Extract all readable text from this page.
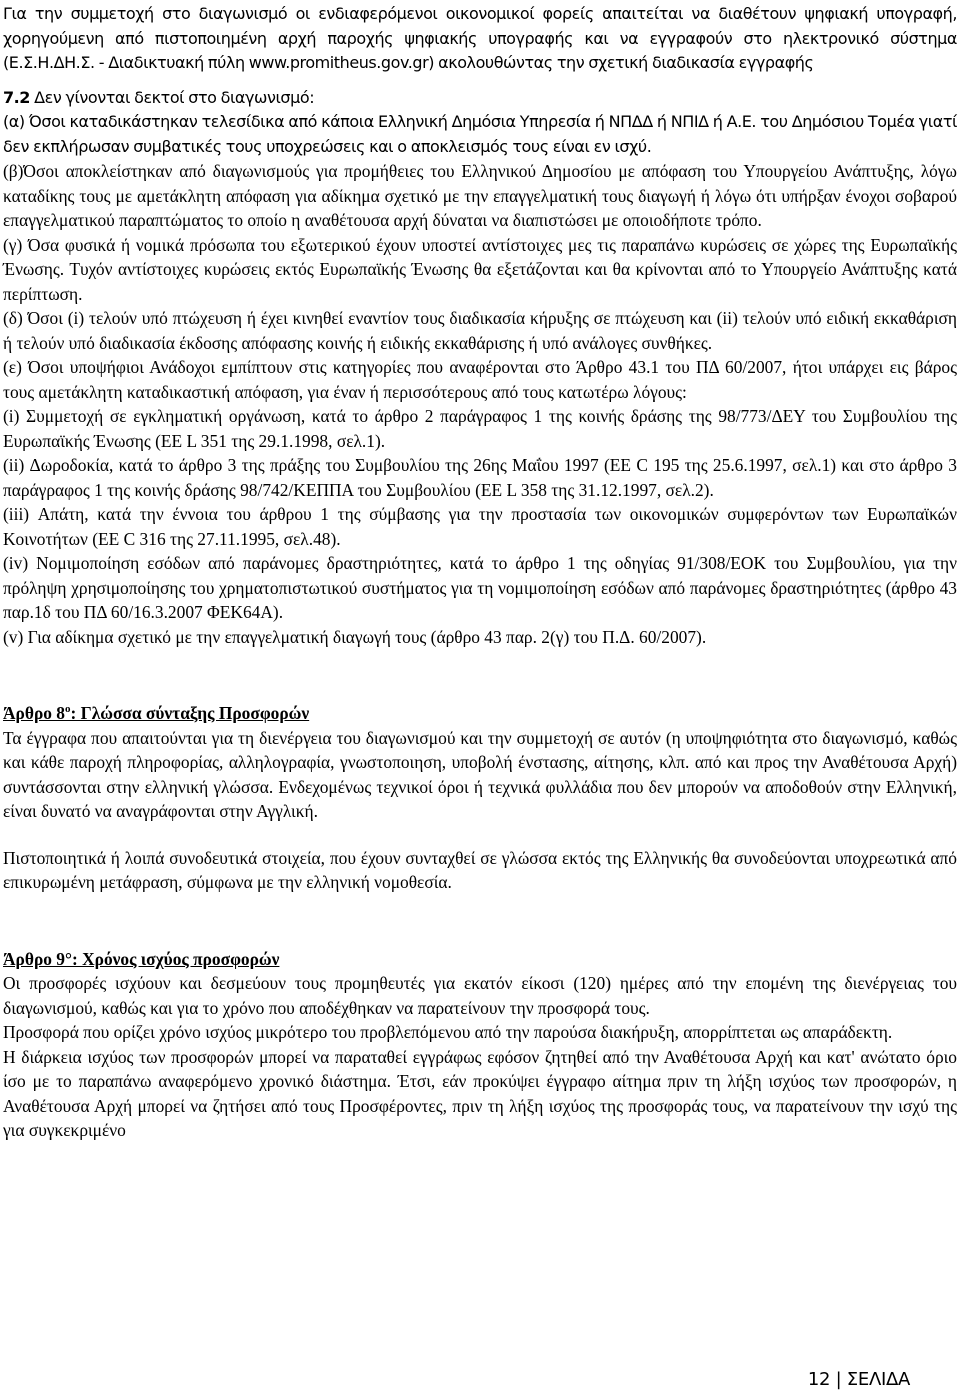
Για την συμμετοχή στο διαγωνισμό οι ενδιαφερόμενοι οικονομικοί φορείς απαιτείται να διαθέτουν ψηφιακή υπογραφή, χορηγούμενη από πιστοποιημένη αρχή παροχής ψηφιακής υπογραφής και να εγγραφούν στο ηλεκτρονικό σύστημα (Ε.Σ.Η.ΔΗ.Σ. - Διαδικτυακή πύλη www.promitheus.gov.gr) ακολουθώντας την σχετική διαδικασία εγγραφής

7.2 Δεν γίνονται δεκτοί στο διαγωνισμό:

(α) Όσοι καταδικάστηκαν τελεσίδικα από κάποια Ελληνική Δημόσια Υπηρεσία ή ΝΠΔΔ ή ΝΠΙΔ ή Α.Ε. του Δημόσιου Τομέα γιατί δεν εκπλήρωσαν συμβατικές τους υποχρεώσεις και ο αποκλεισμός τους είναι εν ισχύ.

(β)Όσοι αποκλείστηκαν από διαγωνισμούς για προμήθειες του Ελληνικού Δημοσίου με απόφαση του Υπουργείου Ανάπτυξης, λόγω καταδίκης τους με αμετάκλητη απόφαση για αδίκημα σχετικό με την επαγγελματική τους διαγωγή ή λόγω ότι υπήρξαν ένοχοι σοβαρού επαγγελματικού παραπτώματος το οποίο η αναθέτουσα αρχή δύναται να διαπιστώσει με οποιοδήποτε τρόπο.

(γ) Όσα φυσικά ή νομικά πρόσωπα του εξωτερικού έχουν υποστεί αντίστοιχες μες τις παραπάνω κυρώσεις σε χώρες της Ευρωπαϊκής Ένωσης. Τυχόν αντίστοιχες κυρώσεις εκτός Ευρωπαϊκής Ένωσης θα εξετάζονται και θα κρίνονται από το Υπουργείο Ανάπτυξης κατά περίπτωση.

(δ) Όσοι (i) τελούν υπό πτώχευση ή έχει κινηθεί εναντίον τους διαδικασία κήρυξης σε πτώχευση και (ii) τελούν υπό ειδική εκκαθάριση ή τελούν υπό διαδικασία έκδοσης απόφασης κοινής ή ειδικής εκκαθάρισης ή υπό ανάλογες συνθήκες.

(ε) Όσοι υποψήφιοι Ανάδοχοι εμπίπτουν στις κατηγορίες που αναφέρονται στο Άρθρο 43.1 του ΠΔ 60/2007, ήτοι υπάρχει εις βάρος τους αμετάκλητη καταδικαστική απόφαση, για έναν ή περισσότερους από τους κατωτέρω λόγους:

(i) Συμμετοχή σε εγκληματική οργάνωση, κατά το άρθρο 2 παράγραφος 1 της κοινής δράσης της 98/773/ΔΕΥ του Συμβουλίου της Ευρωπαϊκής Ένωσης (ΕΕ L 351 της 29.1.1998, σελ.1).

(ii) Δωροδοκία, κατά το άρθρο 3 της πράξης του Συμβουλίου της 26ης Μαΐου 1997 (ΕΕ C 195 της 25.6.1997, σελ.1) και στο άρθρο 3 παράγραφος 1 της κοινής δράσης 98/742/ΚΕΠΠΑ του Συμβουλίου (ΕΕ L 358 της 31.12.1997, σελ.2).

(iii) Απάτη, κατά την έννοια του άρθρου 1 της σύμβασης για την προστασία των οικονομικών συμφερόντων των Ευρωπαϊκών Κοινοτήτων (ΕΕ C 316 της 27.11.1995, σελ.48).

(iv) Νομιμοποίηση εσόδων από παράνομες δραστηριότητες, κατά το άρθρο 1 της οδηγίας 91/308/ΕΟΚ του Συμβουλίου, για την πρόληψη χρησιμοποίησης του χρηματοπιστωτικού συστήματος για τη νομιμοποίηση εσόδων από παράνομες δραστηριότητες (άρθρο 43 παρ.1δ του ΠΔ 60/16.3.2007 ΦΕΚ64Α).

(v) Για αδίκημα σχετικό με την επαγγελματική διαγωγή τους (άρθρο 43 παρ. 2(γ) του Π.Δ. 60/2007).

Άρθρο $8^o$: Γλώσσα σύνταξης Προσφορών

Τα έγγραφα που απαιτούνται για τη διενέργεια του διαγωνισμού και την συμμετοχή σε αυτόν (η υποψηφιότητα στο διαγωνισμό, καθώς και κάθε παροχή πληροφορίας, αλληλογραφία, γνωστοποιηση, υποβολή ένστασης, αίτησης, κλπ. από και προς την Αναθέτουσα Αρχή) συντάσσονται στην ελληνική γλώσσα. Ενδεχομένως τεχνικοί όροι ή τεχνικά φυλλάδια που δεν μπορούν να αποδοθούν στην Ελληνική, είναι δυνατό να αναγράφονται στην Αγγλική.

Πιστοποιητικά ή λοιπά συνοδευτικά στοιχεία, που έχουν συνταχθεί σε γλώσσα εκτός της Ελληνικής θα συνοδεύονται υποχρεωτικά από επικυρωμένη μετάφραση, σύμφωνα με την ελληνική νομοθεσία.

Άρθρο 9°: Χρόνος ισχύος προσφορών

Οι προσφορές ισχύουν και δεσμεύουν τους προμηθευτές για εκατόν είκοσι (120) ημέρες από την επομένη της διενέργειας του διαγωνισμού, καθώς και για το χρόνο που αποδέχθηκαν να παρατείνουν την προσφορά τους.

Προσφορά που ορίζει χρόνο ισχύος μικρότερο του προβλεπόμενου από την παρούσα διακήρυξη, απορρίπτεται ως απαράδεκτη.

Η διάρκεια ισχύος των προσφορών μπορεί να παραταθεί εγγράφως εφόσον ζητηθεί από την Αναθέτουσα Αρχή και κατ' ανώτατο όριο ίσο με το παραπάνω αναφερόμενο χρονικό διάστημα. Έτσι, εάν προκύψει έγγραφο αίτημα πριν τη λήξη ισχύος των προσφορών, η Αναθέτουσα Αρχή μπορεί να ζητήσει από τους Προσφέροντες, πριν τη λήξη ισχύος της προσφοράς τους, να παρατείνουν την ισχύ της για συγκεκριμένο

12 | ΣΕΛΙΔΑ
